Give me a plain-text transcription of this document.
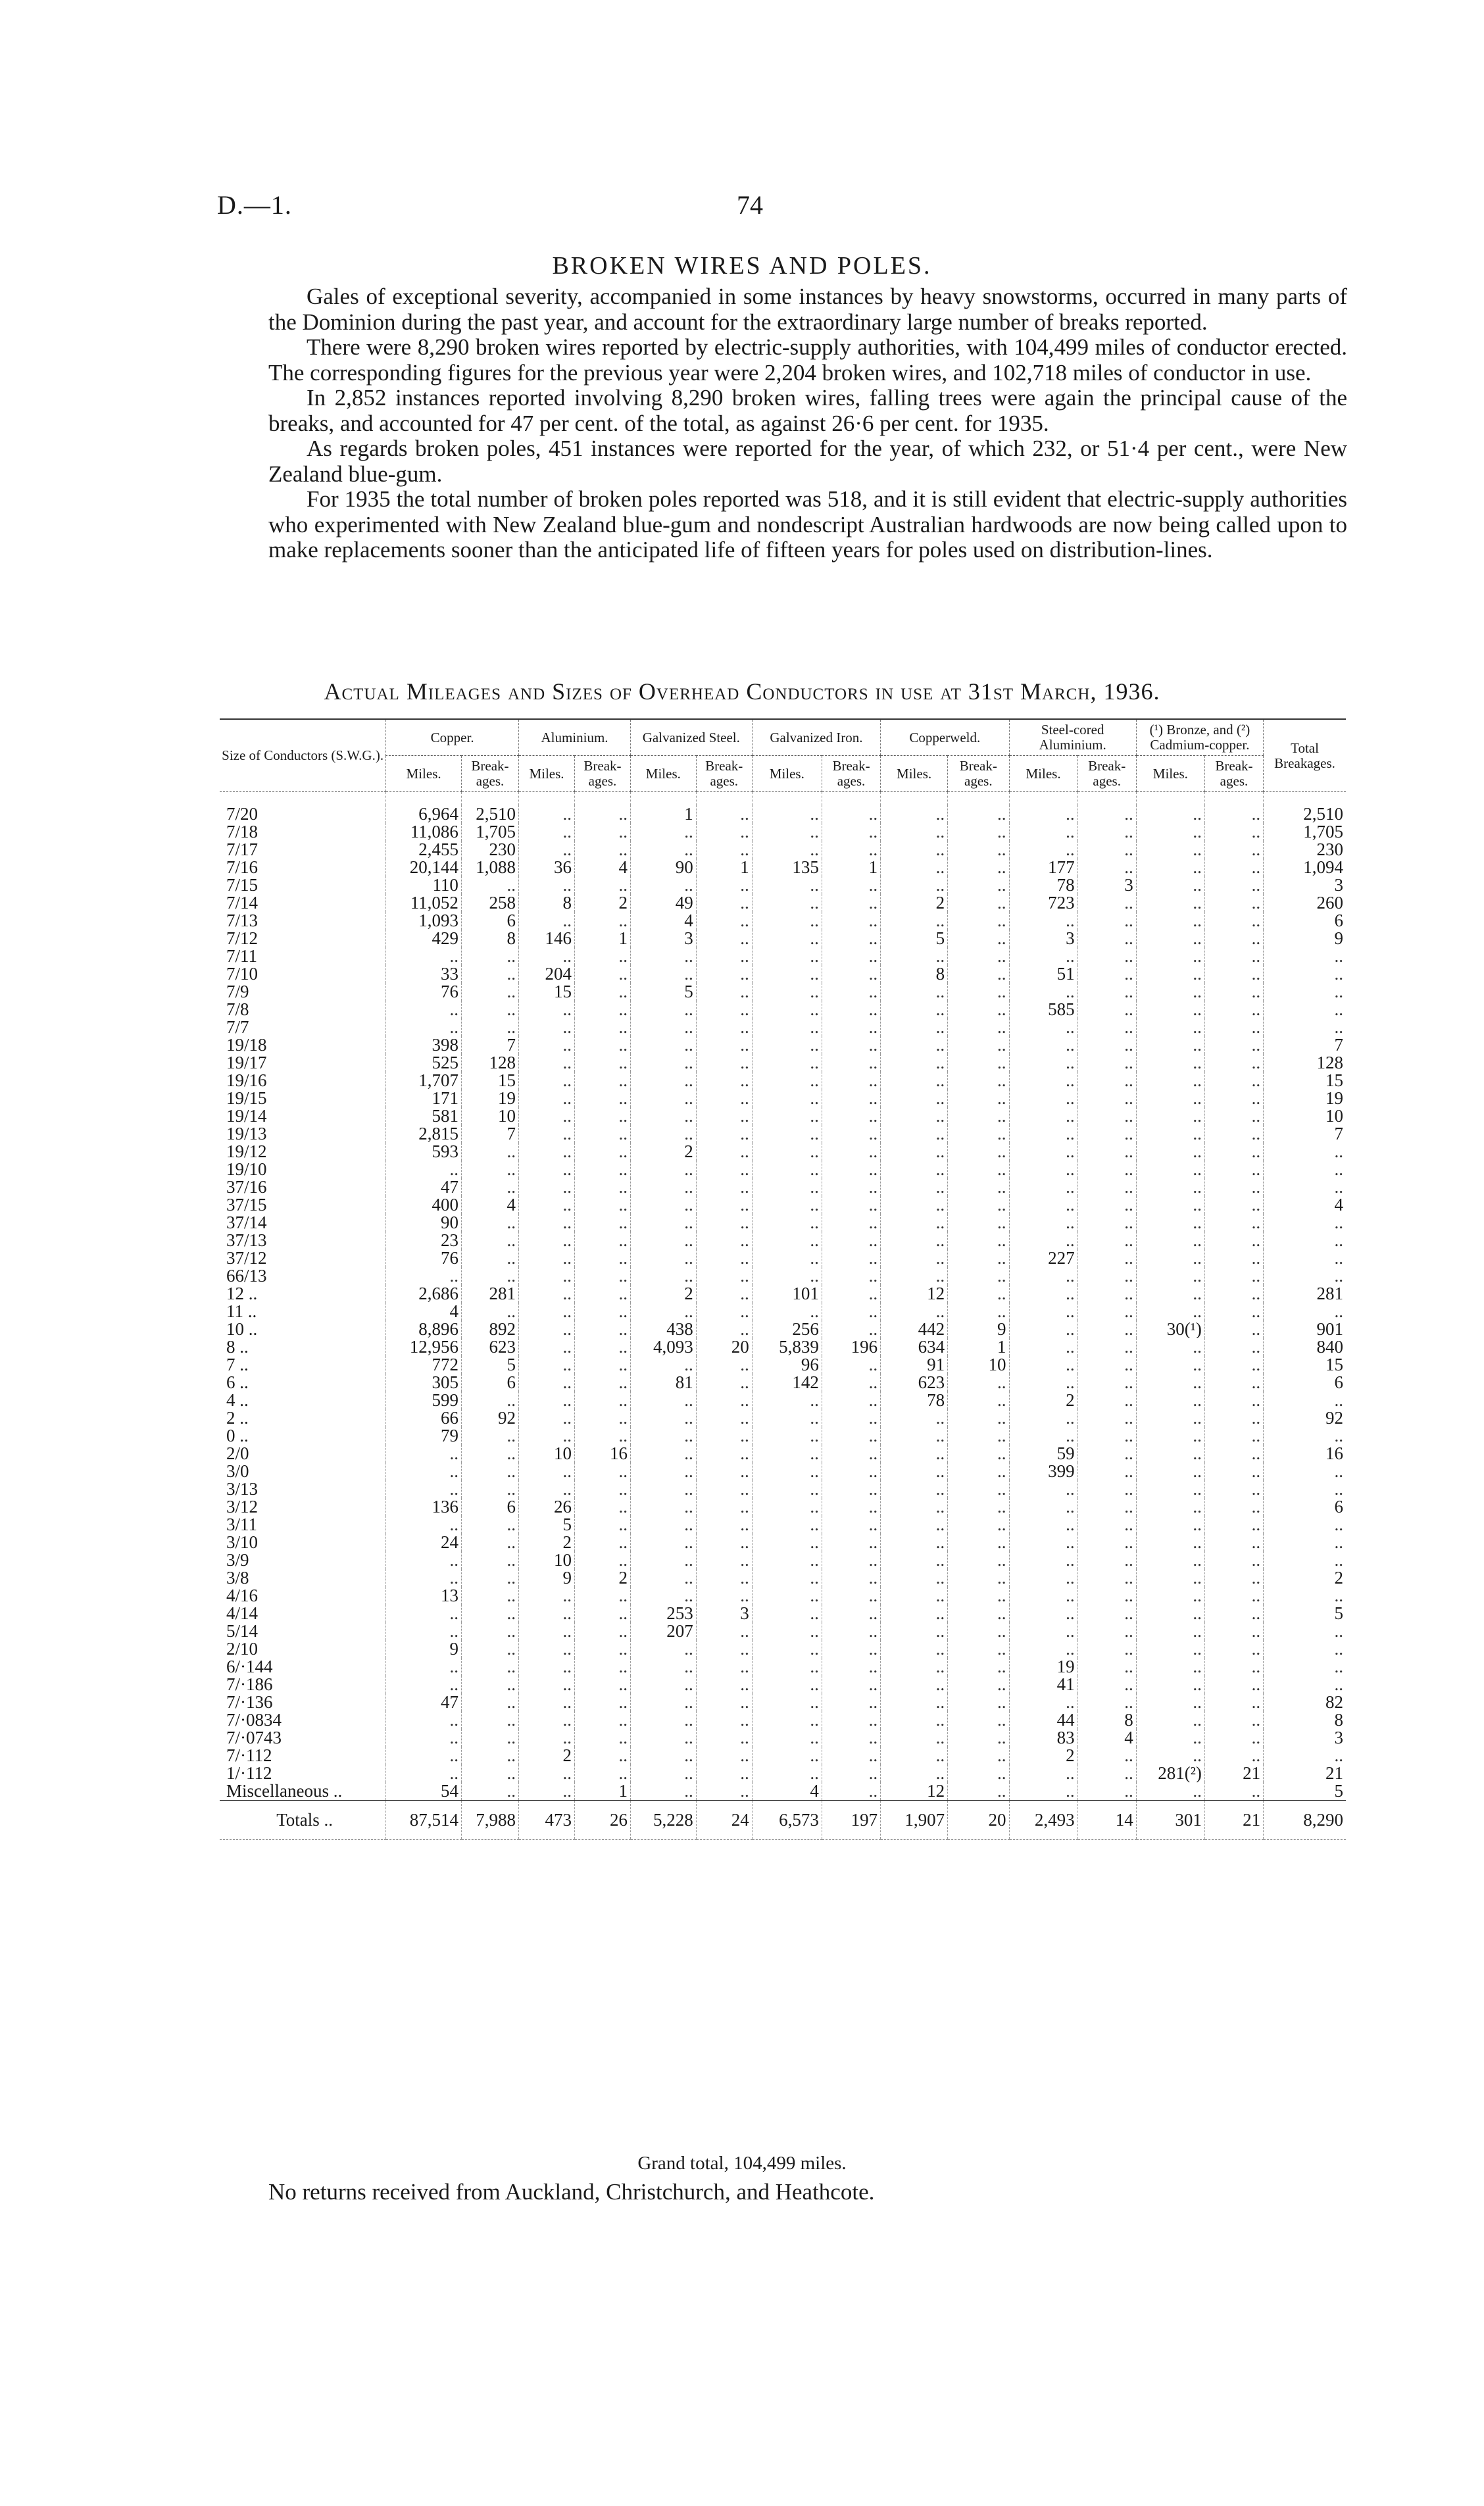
D.—1.	74
BROKEN WIRES AND POLES.

Gales of exceptional severity, accompanied in some instances by heavy snowstorms, occurred in many parts of the Dominion during the past year, and account for the extraordinary large number of breaks reported.

There were 8,290 broken wires reported by electric-supply authorities, with 104,499 miles of conductor erected. The corresponding figures for the previous year were 2,204 broken wires, and 102,718 miles of conductor in use.

In 2,852 instances reported involving 8,290 broken wires, falling trees were again the principal cause of the breaks, and accounted for 47 per cent. of the total, as against 26·6 per cent. for 1935.

As regards broken poles, 451 instances were reported for the year, of which 232, or 51·4 per cent., were New Zealand blue-gum.

For 1935 the total number of broken poles reported was 518, and it is still evident that electric-supply authorities who experimented with New Zealand blue-gum and nondescript Australian hardwoods are now being called upon to make replacements sooner than the anticipated life of fifteen years for poles used on distribution-lines.

Actual Mileages and Sizes of Overhead Conductors in use at 31st March, 1936.
Size of Conductors (S.W.G.).	Copper.		Aluminium.		Galvanized Steel.		Galvanized Iron.		Copperweld.		Steel-cored Aluminium.		(¹) Bronze, and (²) Cadmium-copper.		Total Breakages.
	Miles.	Break-ages.	Miles.	Break-ages.	Miles.	Break-ages.	Miles.	Break-ages.	Miles.	Break-ages.	Miles.	Break-ages.	Miles.	Break-ages.	

7/20	6,964	2,510	..	..	1	..	..	..	..	..	..	..	..	..	2,510
7/18	11,086	1,705	..	..	..	..	..	..	..	..	..	..	..	..	1,705
7/17	2,455	230	..	..	..	..	..	..	..	..	..	..	..	..	230
7/16	20,144	1,088	36	4	90	1	135	1	..	..	177	..	..	..	1,094
7/15	110	..	..	..	..	..	..	..	..	..	78	3	..	..	3
7/14	11,052	258	8	2	49	..	..	..	2	..	723	..	..	..	260
7/13	1,093	6	..	..	4	..	..	..	..	..	..	..	..	..	6
7/12	429	8	146	1	3	..	..	..	5	..	3	..	..	..	9
7/11	..	..	..	..	..	..	..	..	..	..	..	..	..	..	..
7/10	33	..	204	..	..	..	..	..	8	..	51	..	..	..	..
7/9	76	..	15	..	5	..	..	..	..	..	..	..	..	..	..
7/8	..	..	..	..	..	..	..	..	..	..	585	..	..	..	..
7/7	..	..	..	..	..	..	..	..	..	..	..	..	..	..	..
19/18	398	7	..	..	..	..	..	..	..	..	..	..	..	..	7
19/17	525	128	..	..	..	..	..	..	..	..	..	..	..	..	128
19/16	1,707	15	..	..	..	..	..	..	..	..	..	..	..	..	15
19/15	171	19	..	..	..	..	..	..	..	..	..	..	..	..	19
19/14	581	10	..	..	..	..	..	..	..	..	..	..	..	..	10
19/13	2,815	7	..	..	..	..	..	..	..	..	..	..	..	..	7
19/12	593	..	..	..	2	..	..	..	..	..	..	..	..	..	..
19/10	..	..	..	..	..	..	..	..	..	..	..	..	..	..	..
37/16	47	..	..	..	..	..	..	..	..	..	..	..	..	..	..
37/15	400	4	..	..	..	..	..	..	..	..	..	..	..	..	4
37/14	90	..	..	..	..	..	..	..	..	..	..	..	..	..	..
37/13	23	..	..	..	..	..	..	..	..	..	..	..	..	..	..
37/12	76	..	..	..	..	..	..	..	..	..	227	..	..	..	..
66/13	..	..	..	..	..	..	..	..	..	..	..	..	..	..	..
12 ..	2,686	281	..	..	2	..	101	..	12	..	..	..	..	..	281
11 ..	4	..	..	..	..	..	..	..	..	..	..	..	..	..	..
10 ..	8,896	892	..	..	438	..	256	..	442	9	..	..	30(¹)	..	901
8 ..	12,956	623	..	..	4,093	20	5,839	196	634	1	..	..	..	..	840
7 ..	772	5	..	..	..	..	96	..	91	10	..	..	..	..	15
6 ..	305	6	..	..	81	..	142	..	623	..	..	..	..	..	6
4 ..	599	..	..	..	..	..	..	..	78	..	2	..	..	..	..
2 ..	66	92	..	..	..	..	..	..	..	..	..	..	..	..	92
0 ..	79	..	..	..	..	..	..	..	..	..	..	..	..	..	..
2/0	..	..	10	16	..	..	..	..	..	..	59	..	..	..	16
3/0	..	..	..	..	..	..	..	..	..	..	399	..	..	..	..
3/13	..	..	..	..	..	..	..	..	..	..	..	..	..	..	..
3/12	136	6	26	..	..	..	..	..	..	..	..	..	..	..	6
3/11	..	..	5	..	..	..	..	..	..	..	..	..	..	..	..
3/10	24	..	2	..	..	..	..	..	..	..	..	..	..	..	..
3/9	..	..	10	..	..	..	..	..	..	..	..	..	..	..	..
3/8	..	..	9	2	..	..	..	..	..	..	..	..	..	..	2
4/16	13	..	..	..	..	..	..	..	..	..	..	..	..	..	..
4/14	..	..	..	..	253	3	..	..	..	..	..	..	..	..	5
5/14	..	..	..	..	207	..	..	..	..	..	..	..	..	..	..
2/10	9	..	..	..	..	..	..	..	..	..	..	..	..	..	..
6/·144	..	..	..	..	..	..	..	..	..	..	19	..	..	..	..
7/·186	..	..	..	..	..	..	..	..	..	..	41	..	..	..	..
7/·136	47	..	..	..	..	..	..	..	..	..	..	..	..	..	82
7/·0834	..	..	..	..	..	..	..	..	..	..	44	8	..	..	8
7/·0743	..	..	..	..	..	..	..	..	..	..	83	4	..	..	3
7/·112	..	..	2	..	..	..	..	..	..	..	2	..	..	..	..
1/·112	..	..	..	..	..	..	..	..	..	..	..	..	281(²)	21	21
Miscellaneous ..	54	..	..	1	..	..	4	..	12	..	..	..	..	..	5
Totals ..	87,514	7,988	473	26	5,228	24	6,573	197	1,907	20	2,493	14	301	21	8,290
Grand total, 104,499 miles.
No returns received from Auckland, Christchurch, and Heathcote.
